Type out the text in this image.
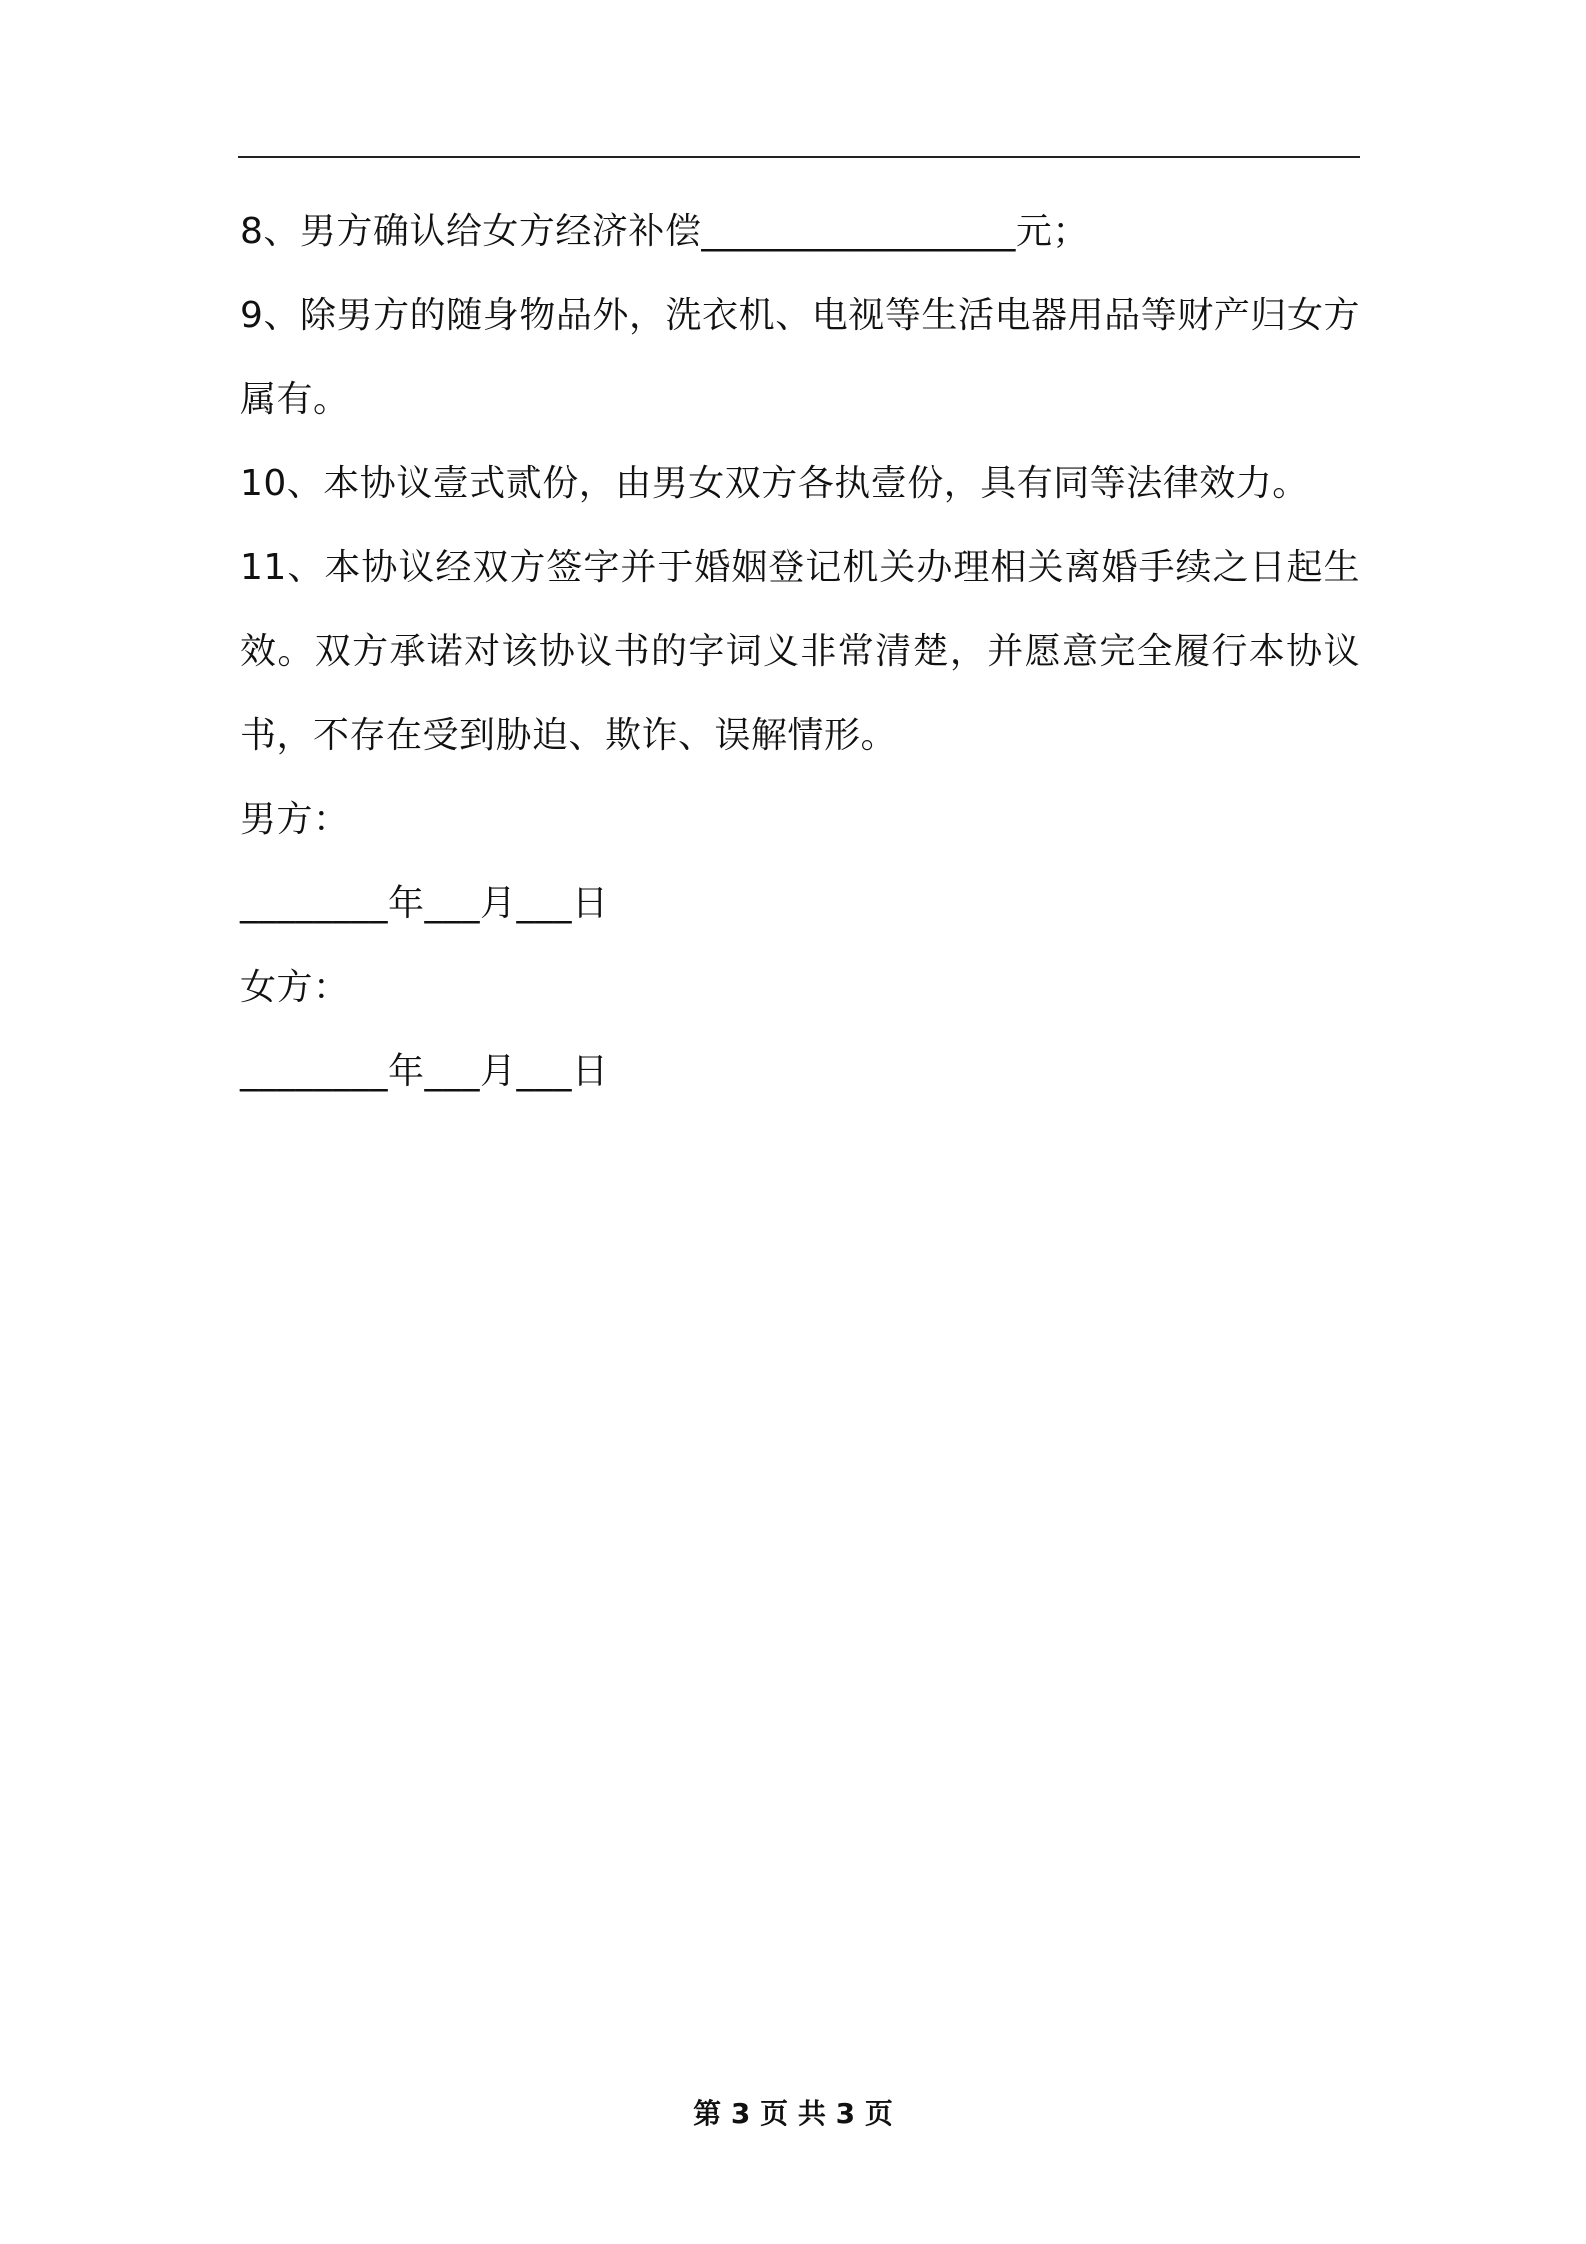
8、男方确认给女方经济补偿_________________元；

9、除男方的随身物品外，洗衣机、电视等生活电器用品等财产归女方属有。

10、本协议壹式贰份，由男女双方各执壹份，具有同等法律效力。

11、本协议经双方签字并于婚姻登记机关办理相关离婚手续之日起生效。双方承诺对该协议书的字词义非常清楚，并愿意完全履行本协议书，不存在受到胁迫、欺诈、误解情形。

男方：

________年___月___日

女方：

________年___月___日

第 3 页 共 3 页
